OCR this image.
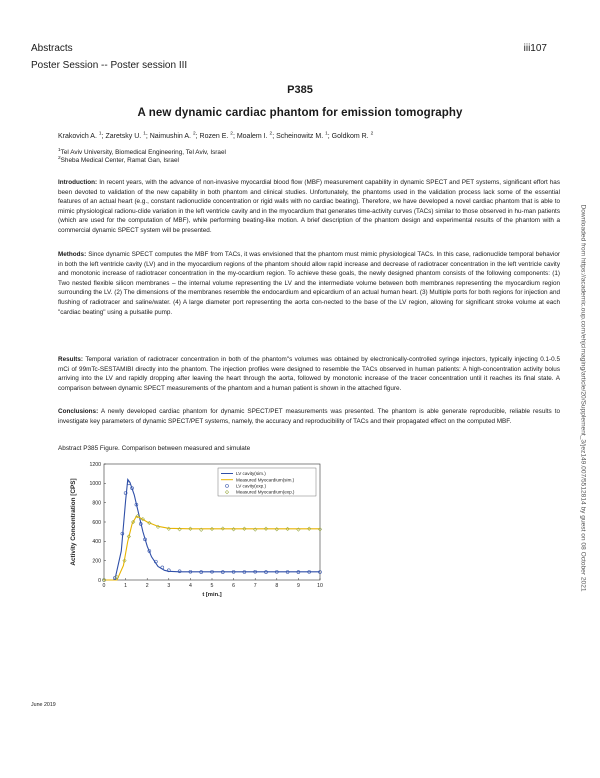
Abstracts
Poster Session -- Poster session III
iii107
P385
A new dynamic cardiac phantom for emission tomography
Krakovich A. $^1$; Zaretsky U. $^1$; Naimushin A. $^2$; Rozen E. $^2$; Moalem I. $^2$; Scheinowitz M. $^1$; Goldkom R. $^2$
$^1$Tel Aviv University, Biomedical Engineering, Tel Aviv, Israel
$^2$Sheba Medical Center, Ramat Gan, Israel
Introduction: In recent years, with the advance of non-invasive myocardial blood flow (MBF) measurement capability in dynamic SPECT and PET systems, significant effort has been devoted to validation of the new capability in both phantom and clinical studies. Unfortunately, the phantoms used in the validation process lack some of the essential features of an actual heart (e.g., constant radionuclide concentration or rigid walls with no cardiac beating). Therefore, we have developed a novel cardiac phantom that is able to mimic physiological radionu-clide variation in the left ventricle cavity and in the myocardium that generates time-activity curves (TACs) similar to those observed in hu-man patients (which are used for the computation of MBF), while performing beating-like motion. A brief description of the phantom design and experimental results of the phantom with a commercial dynamic SPECT system will be presented.
Methods: Since dynamic SPECT computes the MBF from TACs, it was envisioned that the phantom must mimic physiological TACs. In this case, radionuclide temporal behavior in both the left ventricle cavity (LV) and in the myocardium regions of the phantom should allow rapid increase and decrease of radiotracer concentration in the left ventricle cavity and monotonic increase of radiotracer concentration in the my-ocardium region. To achieve these goals, the newly designed phantom consists of the following components: (1) Two nested flexible silicon membranes – the internal volume representing the LV and the intermediate volume between both membranes representing the myocardium region surrounding the LV. (2) The dimensions of the membranes resemble the endocardium and epicardium of an actual human heart. (3) Multiple ports for both regions for injection and flushing of radiotracer and saline/water. (4) A large diameter port representing the aorta con-nected to the base of the LV region, allowing for significant stroke volume at each "cardiac beating" using a pulsatile pump.
Results: Temporal variation of radiotracer concentration in both of the phantom"s volumes was obtained by electronically-controlled syringe injectors, typically injecting 0.1-0.5 mCi of 99mTc-SESTAMIBI directly into the phantom. The injection profiles were designed to resemble the TACs observed in human patients: A high-concentration activity bolus arriving into the LV and rapidly dropping after leaving the heart through the aorta, followed by monotonic increase of the tracer concentration until it reaches its final state. A comparison between dynamic SPECT measurements of the phantom and a human patient is shown in the attached figure.
Conclusions: A newly developed cardiac phantom for dynamic SPECT/PET measurements was presented. The phantom is able generate reproducible, reliable results to investigate key parameters of dynamic SPECT/PET systems, namely, the accuracy and reproducibility of TACs and their propagated effect on the computed MBF.
Abstract P385 Figure. Comparison between measured and simulate
0	1	2	3	4	5	6	7	8	9	10
0
200
400
600
800
1000
1200
t [min.]
Activity Concentration [CPS]
LV cavity(sim.)
Measured Myocardium(sim.)
LV cavity(exp.)
Measured Myocardium(exp.)	Downloaded from https://academic.oup.com/ehjcimaging/article/20/Supplement_3/jez149.007/5512814 by guest on 08 October 2021
June 2019
